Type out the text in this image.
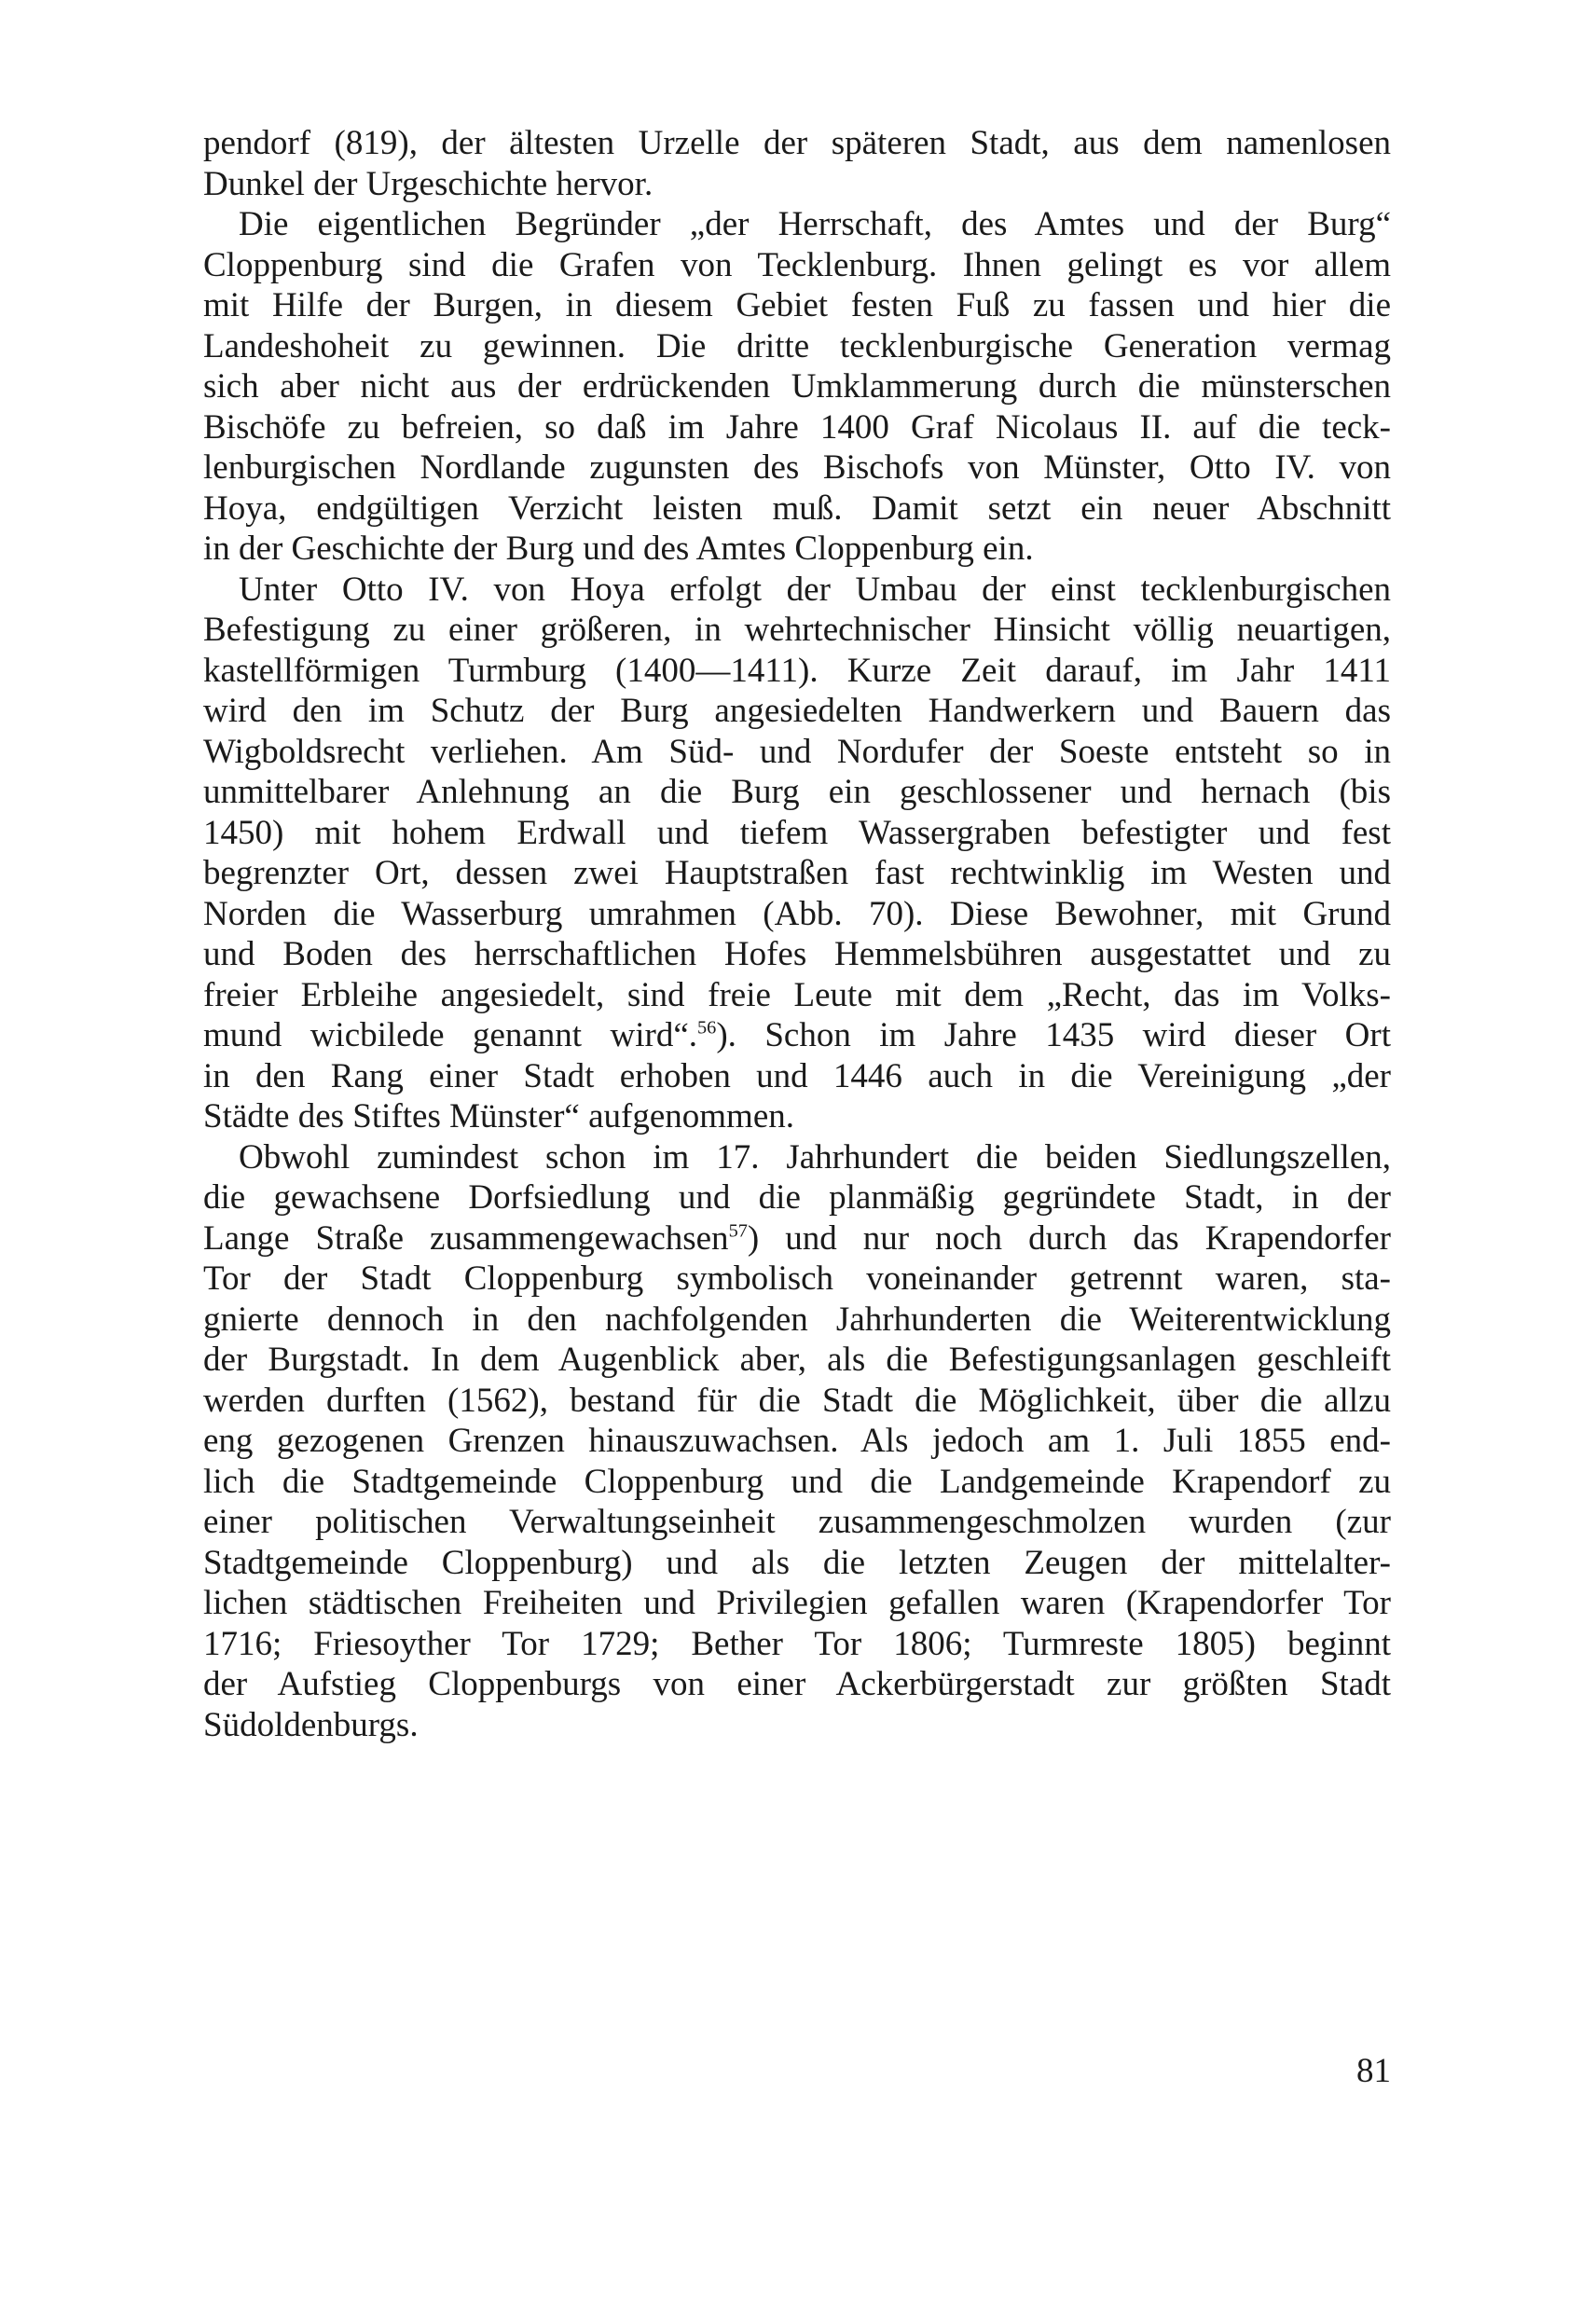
pendorf (819), der ältesten Urzelle der späteren Stadt, aus dem namenlosen
Dunkel der Urgeschichte hervor.

Die eigentlichen Begründer „der Herrschaft, des Amtes und der Burg“
Cloppenburg sind die Grafen von Tecklenburg. Ihnen gelingt es vor allem
mit Hilfe der Burgen, in diesem Gebiet festen Fuß zu fassen und hier die
Landeshoheit zu gewinnen. Die dritte tecklenburgische Generation vermag
sich aber nicht aus der erdrückenden Umklammerung durch die münsterschen
Bischöfe zu befreien, so daß im Jahre 1400 Graf Nicolaus II. auf die teck-
lenburgischen Nordlande zugunsten des Bischofs von Münster, Otto IV. von
Hoya, endgültigen Verzicht leisten muß. Damit setzt ein neuer Abschnitt
in der Geschichte der Burg und des Amtes Cloppenburg ein.

Unter Otto IV. von Hoya erfolgt der Umbau der einst tecklenburgischen
Befestigung zu einer größeren, in wehrtechnischer Hinsicht völlig neuartigen,
kastellförmigen Turmburg (1400—1411). Kurze Zeit darauf, im Jahr 1411
wird den im Schutz der Burg angesiedelten Handwerkern und Bauern das
Wigboldsrecht verliehen. Am Süd- und Nordufer der Soeste entsteht so in
unmittelbarer Anlehnung an die Burg ein geschlossener und hernach (bis
1450) mit hohem Erdwall und tiefem Wassergraben befestigter und fest
begrenzter Ort, dessen zwei Hauptstraßen fast rechtwinklig im Westen und
Norden die Wasserburg umrahmen (Abb. 70). Diese Bewohner, mit Grund
und Boden des herrschaftlichen Hofes Hemmelsbühren ausgestattet und zu
freier Erbleihe angesiedelt, sind freie Leute mit dem „Recht, das im Volks-
mund wicbilede genannt wird“.$^{56}$). Schon im Jahre 1435 wird dieser Ort
in den Rang einer Stadt erhoben und 1446 auch in die Vereinigung „der
Städte des Stiftes Münster“ aufgenommen.

Obwohl zumindest schon im 17. Jahrhundert die beiden Siedlungszellen,
die gewachsene Dorfsiedlung und die planmäßig gegründete Stadt, in der
Lange Straße zusammengewachsen$^{57}$) und nur noch durch das Krapendorfer
Tor der Stadt Cloppenburg symbolisch voneinander getrennt waren, sta-
gnierte dennoch in den nachfolgenden Jahrhunderten die Weiterentwicklung
der Burgstadt. In dem Augenblick aber, als die Befestigungsanlagen geschleift
werden durften (1562), bestand für die Stadt die Möglichkeit, über die allzu
eng gezogenen Grenzen hinauszuwachsen. Als jedoch am 1. Juli 1855 end-
lich die Stadtgemeinde Cloppenburg und die Landgemeinde Krapendorf zu
einer politischen Verwaltungseinheit zusammengeschmolzen wurden (zur
Stadtgemeinde Cloppenburg) und als die letzten Zeugen der mittelalter-
lichen städtischen Freiheiten und Privilegien gefallen waren (Krapendorfer Tor
1716; Friesoyther Tor 1729; Bether Tor 1806; Turmreste 1805) beginnt
der Aufstieg Cloppenburgs von einer Ackerbürgerstadt zur größten Stadt
Südoldenburgs.

81
